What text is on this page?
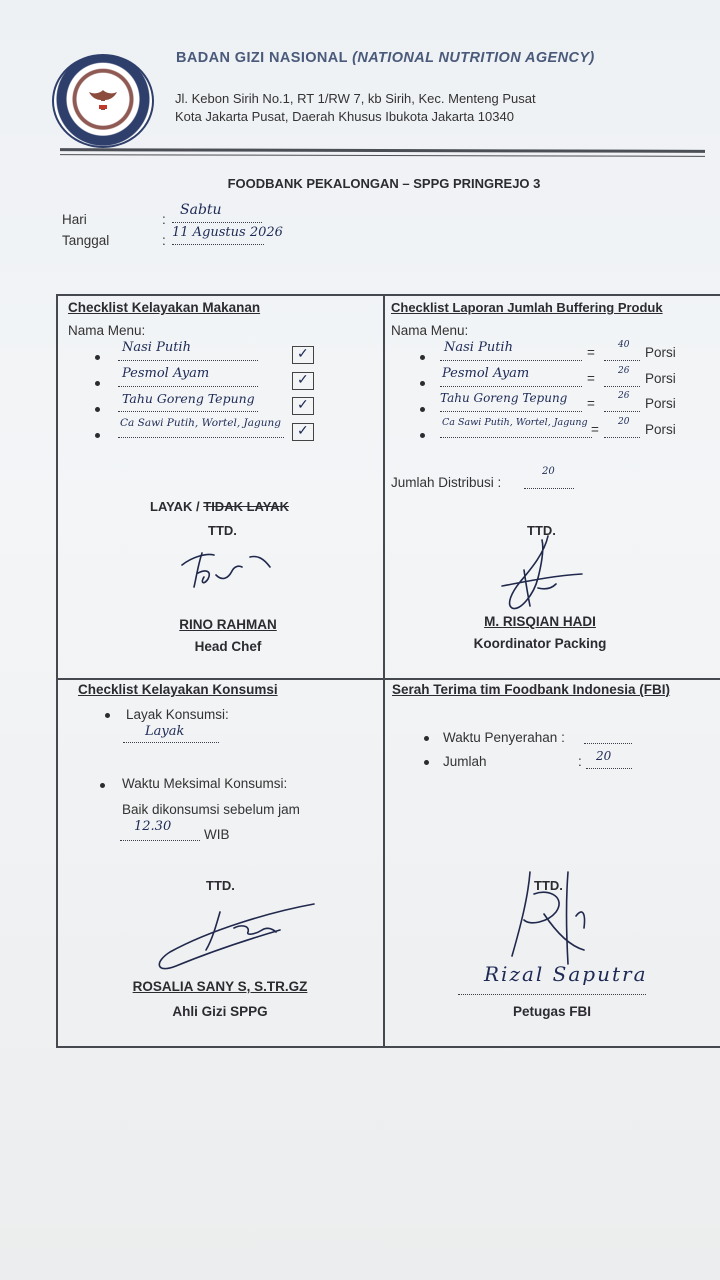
BADAN GIZI NASIONAL (NATIONAL NUTRITION AGENCY)
Jl. Kebon Sirih No.1, RT 1/RW 7, kb Sirih, Kec. Menteng Pusat
Kota Jakarta Pusat, Daerah Khusus Ibukota Jakarta 10340
FOODBANK PEKALONGAN – SPPG PRINGREJO 3
Hari	:
Sabtu
Tanggal	:
11 Agustus 2026
Checklist Kelayakan Makanan
Nama Menu:
Nasi Putih	✓
Pesmol Ayam	✓
Tahu Goreng Tepung	✓
Ca Sawi Putih, Wortel, Jagung ✓
LAYAK / TIDAK LAYAK
TTD.
RINO RAHMAN
Head Chef
Checklist Laporan Jumlah Buffering Produk
Nama Menu:
Nasi Putih	=	40 Porsi
Pesmol Ayam	=	26 Porsi
Tahu Goreng Tepung =	26 Porsi
Ca Sawi Putih, Wortel, Jagung = 20 Porsi
Jumlah Distribusi :
20
TTD.
M. RISQIAN HADI
Koordinator Packing
Checklist Kelayakan Konsumsi
Layak Konsumsi:
Layak
Waktu Meksimal Konsumsi:
Baik dikonsumsi sebelum jam
12.30
WIB
TTD.
ROSALIA SANY S, S.TR.GZ
Ahli Gizi SPPG
Serah Terima tim Foodbank Indonesia (FBI)
Waktu Penyerahan :
Jumlah	: 20
TTD.
Rizal Saputra
Petugas FBI
